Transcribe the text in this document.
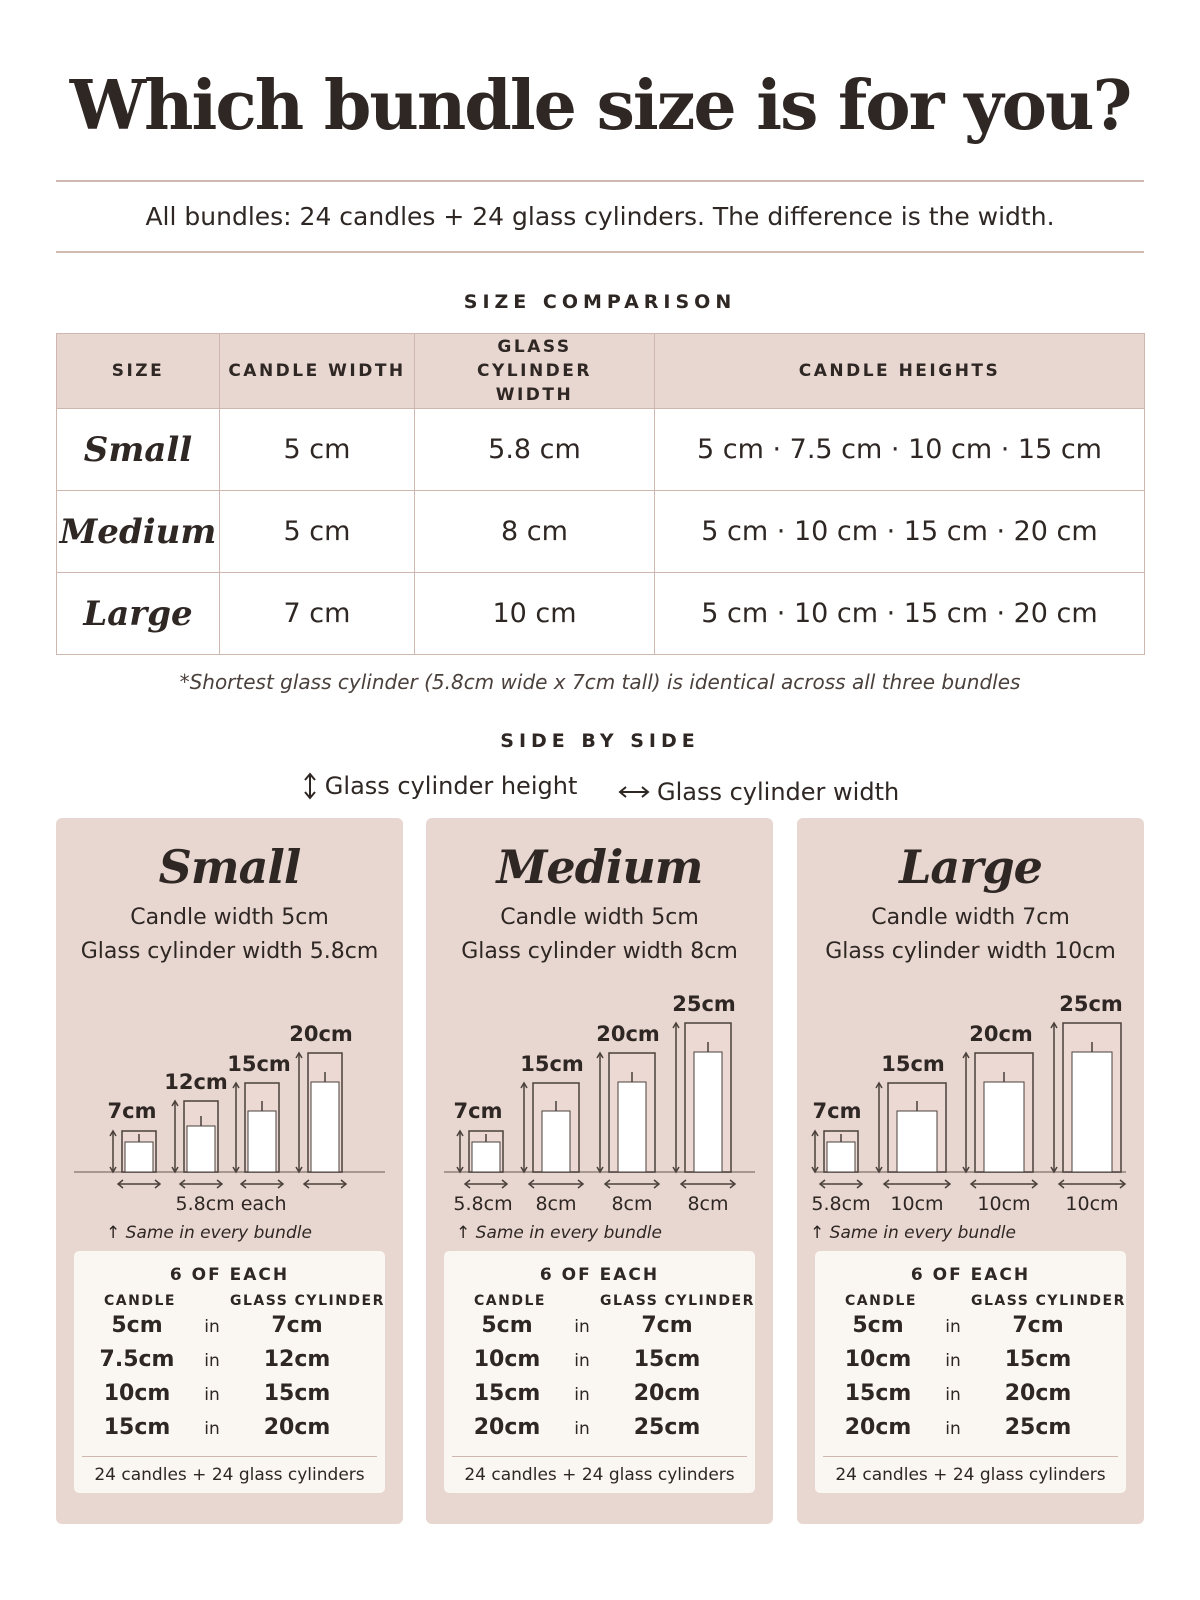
Which bundle size is for you?

All bundles: 24 candles + 24 glass cylinders. The difference is the width.

SIZE COMPARISON
SIZE	CANDLE WIDTH	GLASS CYLINDER WIDTH	CANDLE HEIGHTS
Small	5 cm	5.8 cm	5 cm · 7.5 cm · 10 cm · 15 cm
Medium	5 cm	8 cm	5 cm · 10 cm · 15 cm · 20 cm
Large	7 cm	10 cm	5 cm · 10 cm · 15 cm · 20 cm

*Shortest glass cylinder (5.8cm wide x 7cm tall) is identical across all three bundles

SIDE BY SIDE
Glass cylinder height
	Glass cylinder width
Small
Candle width 5cm
Glass cylinder width 5.8cm
7cm
12cm
15cm
20cm
5.8cm each
↑ Same in every bundle
6 OF EACH
CANDLE	GLASS CYLINDER
5cm	in	7cm
7.5cm	in	12cm
10cm	in	15cm
15cm	in	20cm
24 candles + 24 glass cylinders
Medium
Candle width 5cm
Glass cylinder width 8cm
7cm
15cm
20cm
25cm
5.8cm 8cm 8cm 8cm
↑ Same in every bundle
6 OF EACH
CANDLE	GLASS CYLINDER
5cm	in	7cm
10cm	in	15cm
15cm	in	20cm
20cm	in	25cm
24 candles + 24 glass cylinders
Large
Candle width 7cm
Glass cylinder width 10cm
7cm
15cm
20cm
25cm
5.8cm 10cm 10cm 10cm
↑ Same in every bundle
6 OF EACH
CANDLE	GLASS CYLINDER
5cm	in	7cm
10cm	in	15cm
15cm	in	20cm
20cm	in	25cm
24 candles + 24 glass cylinders
